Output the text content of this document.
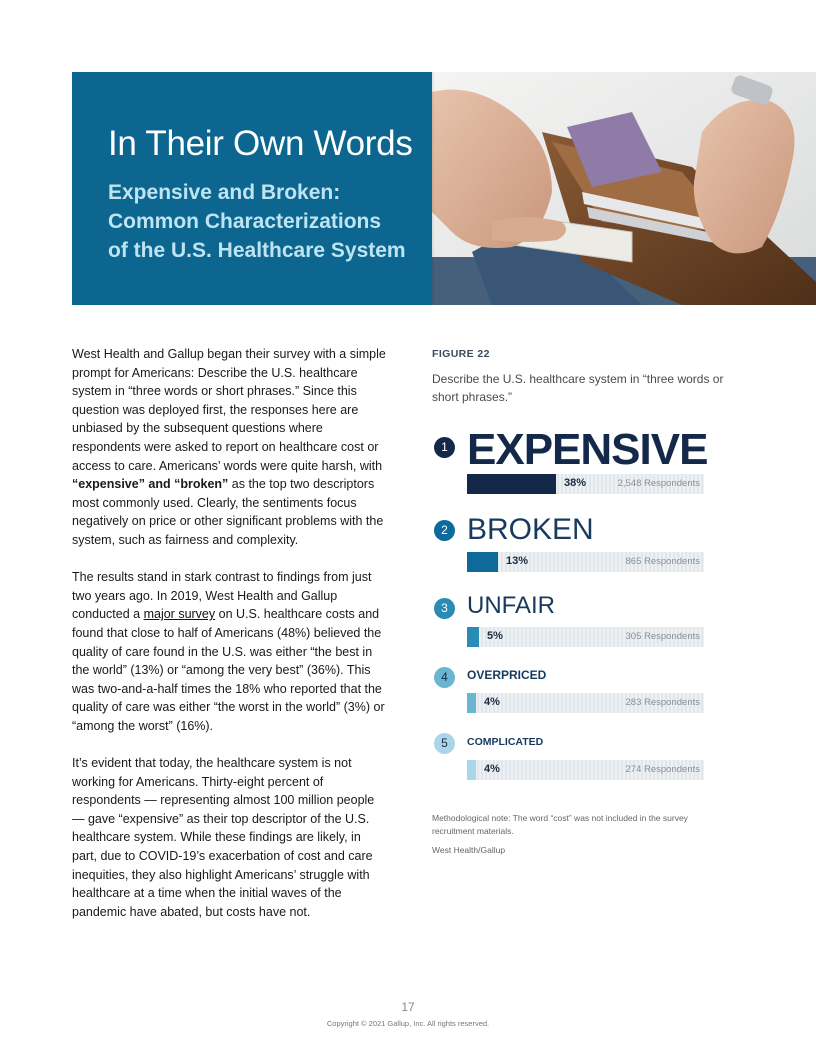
In Their Own Words
Expensive and Broken:
Common Characterizations
of the U.S. Healthcare System

West Health and Gallup began their survey with a simple prompt for Americans: Describe the U.S. healthcare system in “three words or short phrases.” Since this question was deployed first, the responses here are unbiased by the subsequent questions where respondents were asked to report on healthcare cost or access to care. Americans’ words were quite harsh, with “expensive” and “broken” as the top two descriptors most commonly used. Clearly, the sentiments focus negatively on price or other significant problems with the system, such as fairness and complexity.

The results stand in stark contrast to findings from just two years ago. In 2019, West Health and Gallup conducted a major survey on U.S. healthcare costs and found that close to half of Americans (48%) believed the quality of care found in the U.S. was either “the best in the world” (13%) or “among the very best” (36%). This was two-and-a-half times the 18% who reported that the quality of care was either “the worst in the world” (3%) or “among the worst” (16%).

It’s evident that today, the healthcare system is not working for Americans. Thirty-eight percent of respondents — representing almost 100 million people — gave “expensive” as their top descriptor of the U.S. healthcare system. While these findings are likely, in part, due to COVID-19’s exacerbation of cost and care inequities, they also highlight Americans’ struggle with healthcare at a time when the initial waves of the pandemic have abated, but costs have not.

FIGURE 22
Describe the U.S. healthcare system in “three words or short phrases.”
1 EXPENSIVE
38%	2,548 Respondents
2 BROKEN
13%	865 Respondents
3 UNFAIR
5%	305 Respondents
4	OVERPRICED
4%	283 Respondents
5	COMPLICATED
4%	274 Respondents
Methodological note: The word “cost” was not included in the survey recruitment materials.
West Health/Gallup
17
Copyright © 2021 Gallup, Inc. All rights reserved.
